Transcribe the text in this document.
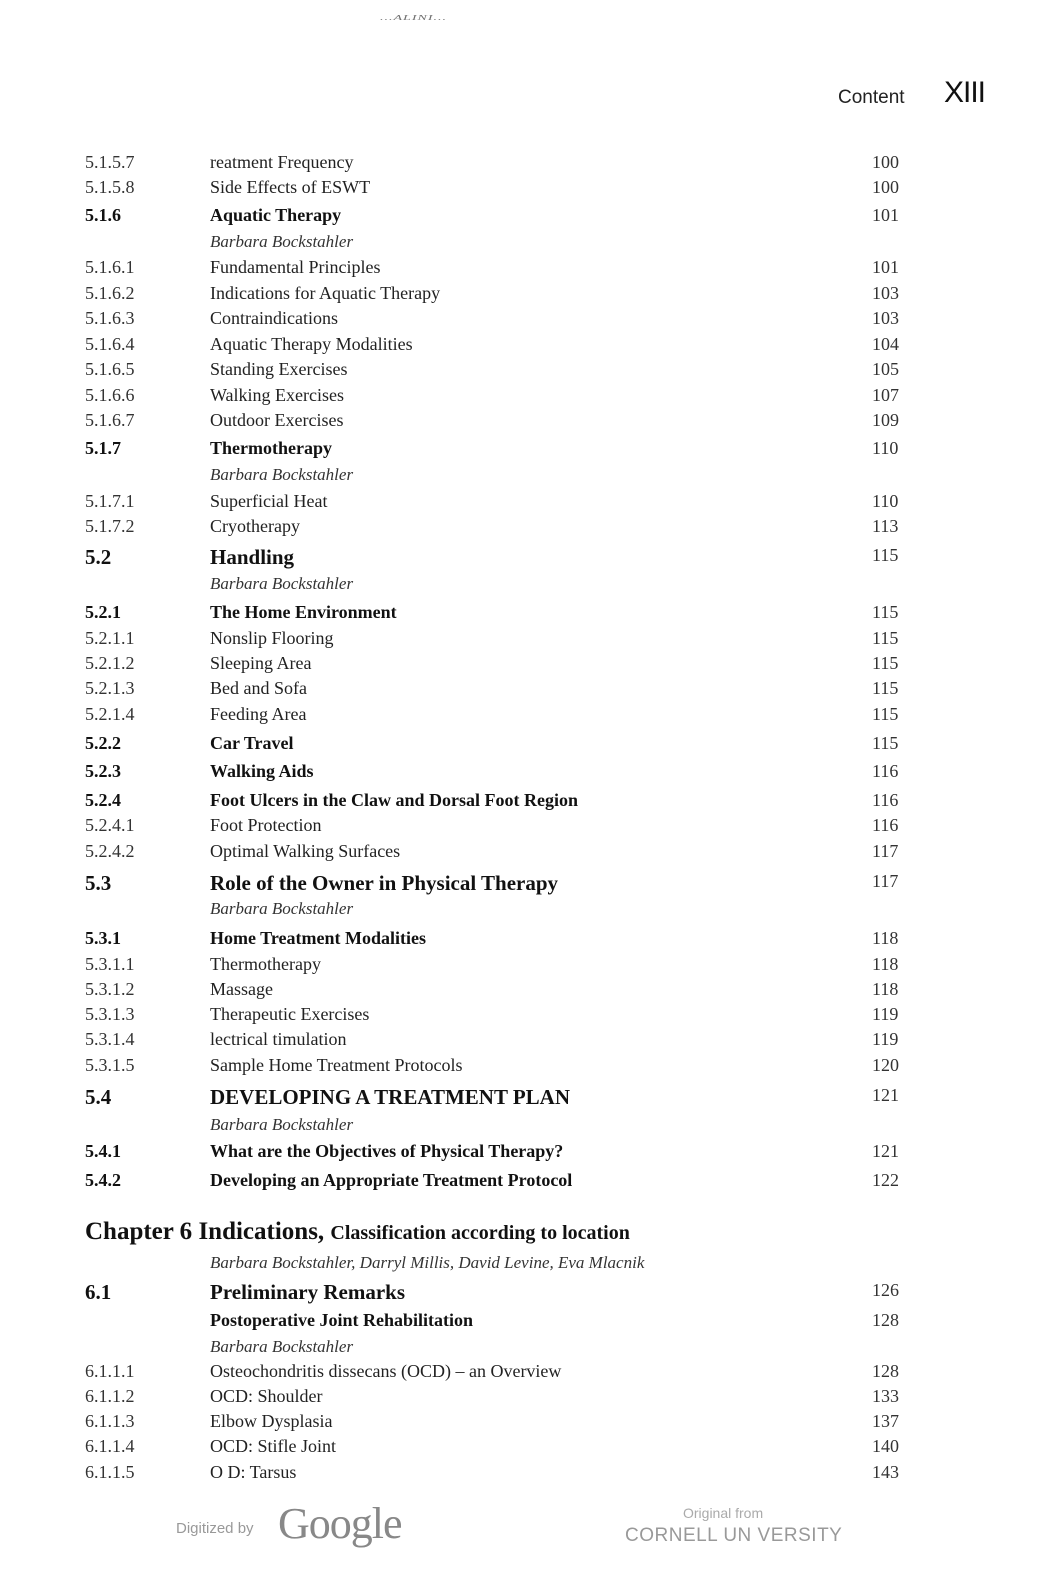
...ALINI...
Content XIII
5.1.5.7	reatment Frequency	100
5.1.5.8	Side Effects of ESWT	100
5.1.6	Aquatic Therapy	101
Barbara Bockstahler
5.1.6.1	Fundamental Principles	101
5.1.6.2	Indications for Aquatic Therapy	103
5.1.6.3	Contraindications	103
5.1.6.4	Aquatic Therapy Modalities	104
5.1.6.5	Standing Exercises	105
5.1.6.6	Walking Exercises	107
5.1.6.7	Outdoor Exercises	109
5.1.7	Thermotherapy	110
Barbara Bockstahler
5.1.7.1	Superficial Heat	110
5.1.7.2	Cryotherapy	113
5.2	Handling	115
Barbara Bockstahler
5.2.1	The Home Environment	115
5.2.1.1	Nonslip Flooring	115
5.2.1.2	Sleeping Area	115
5.2.1.3	Bed and Sofa	115
5.2.1.4	Feeding Area	115
5.2.2	Car Travel	115
5.2.3	Walking Aids	116
5.2.4	Foot Ulcers in the Claw and Dorsal Foot Region	116
5.2.4.1	Foot Protection	116
5.2.4.2	Optimal Walking Surfaces	117
5.3	Role of the Owner in Physical Therapy	117
Barbara Bockstahler
5.3.1	Home Treatment Modalities	118
5.3.1.1	Thermotherapy	118
5.3.1.2	Massage	118
5.3.1.3	Therapeutic Exercises	119
5.3.1.4	lectrical timulation	119
5.3.1.5	Sample Home Treatment Protocols	120
5.4	DEVELOPING A TREATMENT PLAN	121
Barbara Bockstahler
5.4.1	What are the Objectives of Physical Therapy?	121
5.4.2	Developing an Appropriate Treatment Protocol	122
6.1	Preliminary Remarks	126
Postoperative Joint Rehabilitation	128
Barbara Bockstahler
6.1.1.1	Osteochondritis dissecans (OCD) – an Overview	128
6.1.1.2	OCD: Shoulder	133
6.1.1.3	Elbow Dysplasia	137
6.1.1.4	OCD: Stifle Joint	140
6.1.1.5	O D: Tarsus	143
Chapter 6 Indications, Classification according to location
Barbara Bockstahler, Darryl Millis, David Levine, Eva Mlacnik
Digitized by Google	Original from
CORNELL UN VERSITY
